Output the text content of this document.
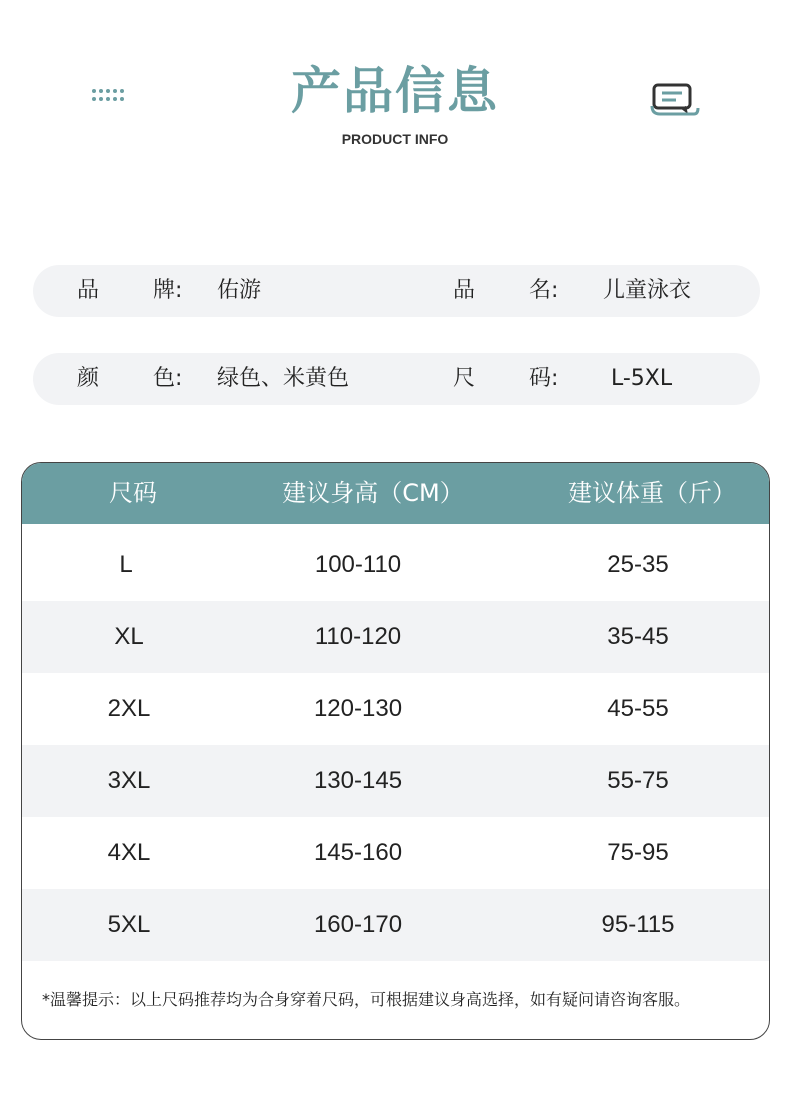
产品信息
PRODUCT INFO
品 牌: 佑游	品 名: 儿童泳衣
颜 色: 绿色、米黄色	尺 码: L-5XL
尺码	建议身高（CM）	建议体重（斤）
L	100-110	25-35
XL	110-120	35-45
2XL	120-130	45-55
3XL	130-145	55-75
4XL	145-160	75-95
5XL	160-170	95-115
*温馨提示：以上尺码推荐均为合身穿着尺码，可根据建议身高选择，如有疑问请咨询客服。
